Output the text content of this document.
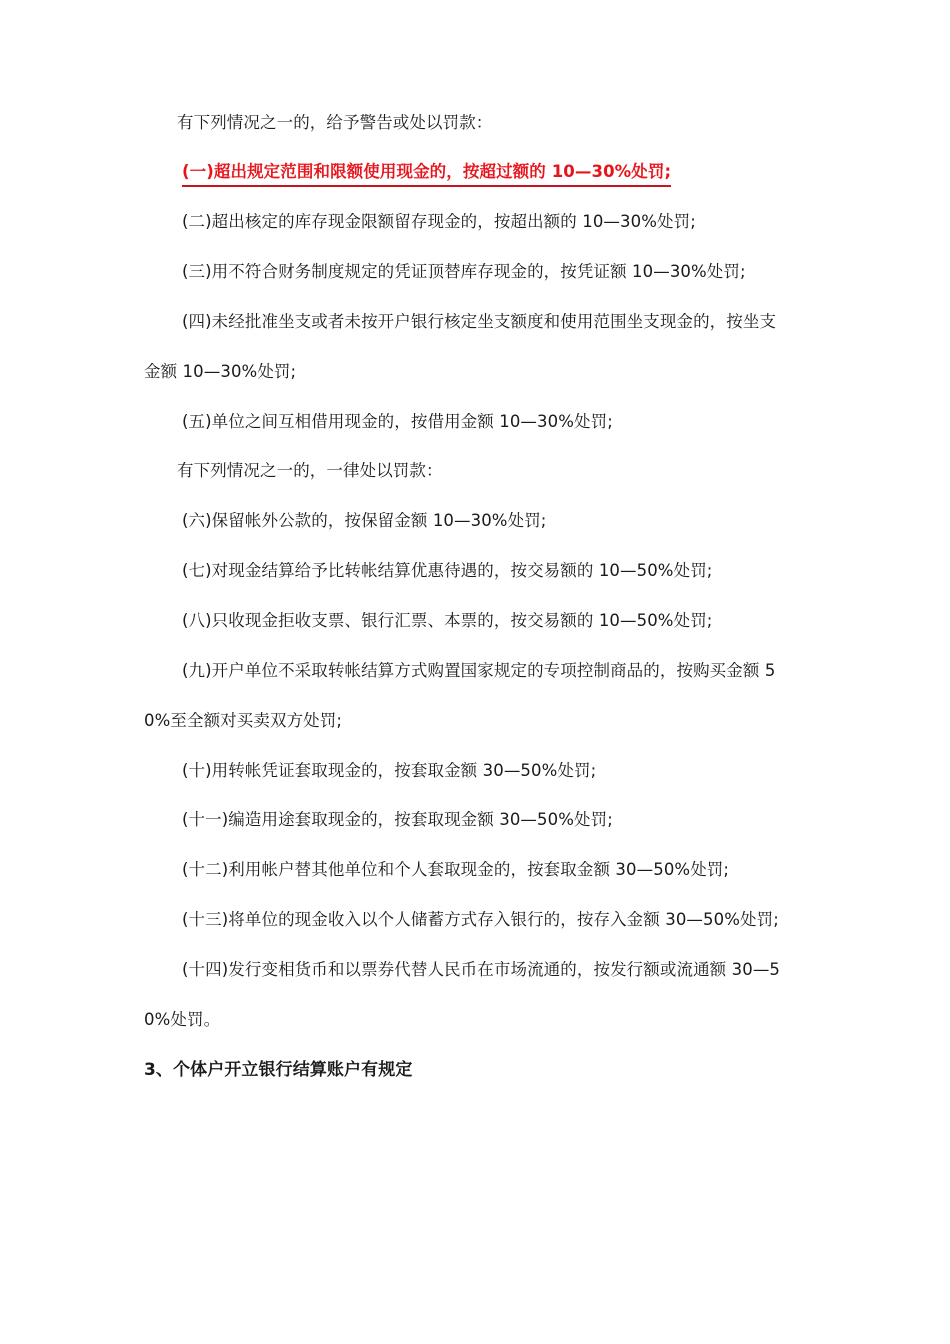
有下列情况之一的，给予警告或处以罚款：
(一)超出规定范围和限额使用现金的，按超过额的 10—30%处罚;
(二)超出核定的库存现金限额留存现金的，按超出额的 10—30%处罚;
(三)用不符合财务制度规定的凭证顶替库存现金的，按凭证额 10—30%处罚;
(四)未经批准坐支或者未按开户银行核定坐支额度和使用范围坐支现金的，按坐支
金额 10—30%处罚;
(五)单位之间互相借用现金的，按借用金额 10—30%处罚;
有下列情况之一的，一律处以罚款：
(六)保留帐外公款的，按保留金额 10—30%处罚;
(七)对现金结算给予比转帐结算优惠待遇的，按交易额的 10—50%处罚;
(八)只收现金拒收支票、银行汇票、本票的，按交易额的 10—50%处罚;
(九)开户单位不采取转帐结算方式购置国家规定的专项控制商品的，按购买金额 5
0%至全额对买卖双方处罚;
(十)用转帐凭证套取现金的，按套取金额 30—50%处罚;
(十一)编造用途套取现金的，按套取现金额 30—50%处罚;
(十二)利用帐户替其他单位和个人套取现金的，按套取金额 30—50%处罚;
(十三)将单位的现金收入以个人储蓄方式存入银行的，按存入金额 30—50%处罚;
(十四)发行变相货币和以票券代替人民币在市场流通的，按发行额或流通额 30—5
0%处罚。
3、个体户开立银行结算账户有规定
